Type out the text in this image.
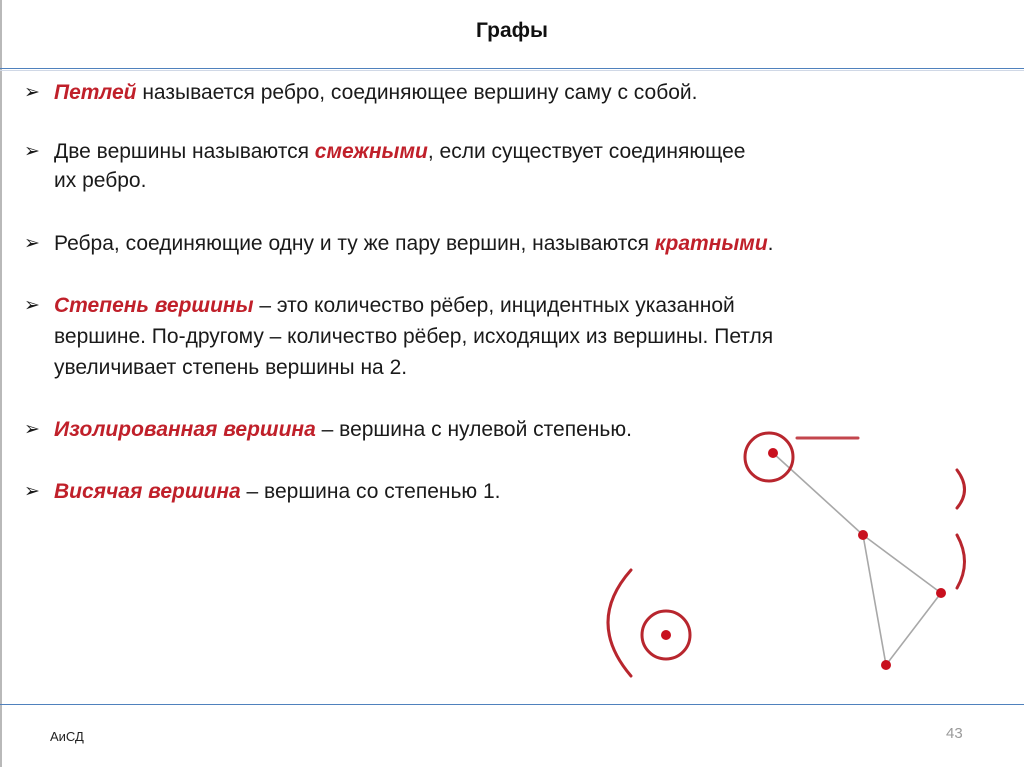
Графы
➢ Петлей называется ребро, соединяющее вершину саму с собой.
➢ Две вершины называются смежными, если существует соединяющее
их ребро.
➢ Ребра, соединяющие одну и ту же пару вершин, называются кратными.
➢ Степень вершины – это количество рёбер, инцидентных указанной
вершине. По-другому – количество рёбер, исходящих из вершины. Петля
увеличивает степень вершины на 2.
➢ Изолированная вершина – вершина с нулевой степенью.
➢ Висячая вершина – вершина со степенью 1.
АиСД	43
